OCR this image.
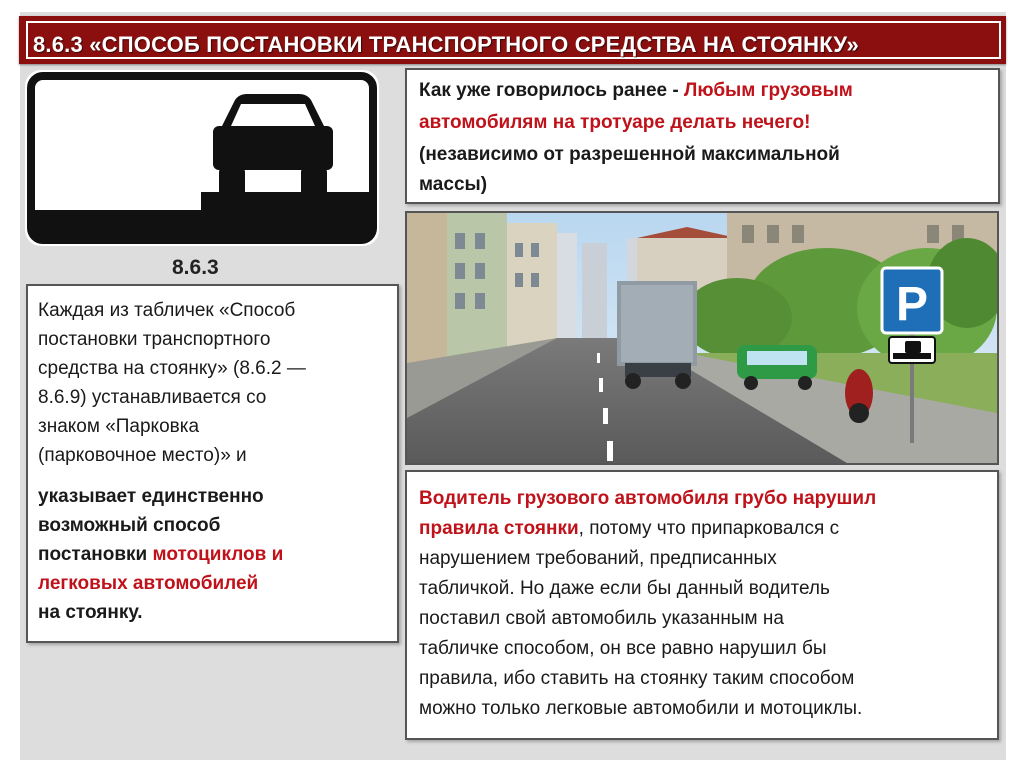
8.6.3 «СПОСОБ ПОСТАНОВКИ ТРАНСПОРТНОГО СРЕДСТВА НА СТОЯНКУ»
8.6.3
Каждая из табличек «Способ
постановки транспортного
средства на стоянку» (8.6.2 —
8.6.9) устанавливается со
знаком «Парковка
(парковочное место)» и
указывает единственно
возможный способ
постановки мотоциклов и
легковых автомобилей
на стоянку.
Как уже говорилось ранее - Любым грузовым
автомобилям на тротуаре делать нечего!
(независимо от разрешенной максимальной
массы)
P
Водитель грузового автомобиля грубо нарушил
правила стоянки, потому что припарковался с
нарушением требований, предписанных
табличкой. Но даже если бы данный водитель
поставил свой автомобиль указанным на
табличке способом, он все равно нарушил бы
правила, ибо ставить на стоянку таким способом
можно только легковые автомобили и мотоциклы.
